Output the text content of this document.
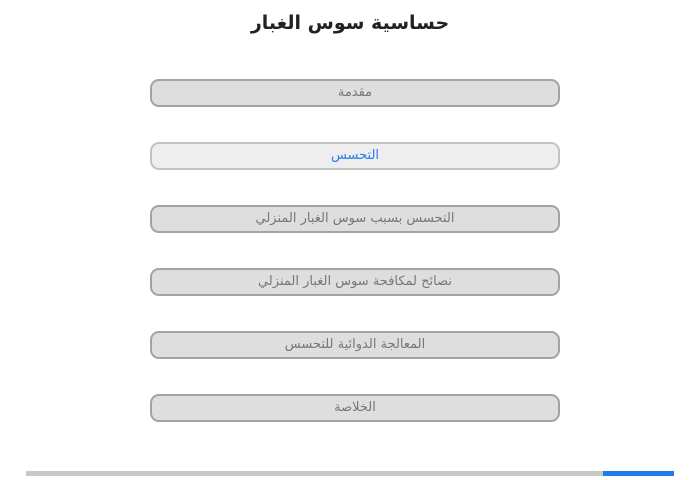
حساسية سوس الغبار
مقدمة
التحسس
التحسس بسبب سوس الغبار المنزلي
نصائح لمكافحة سوس الغبار المنزلي
المعالجة الدوائية للتحسس
الخلاصة
